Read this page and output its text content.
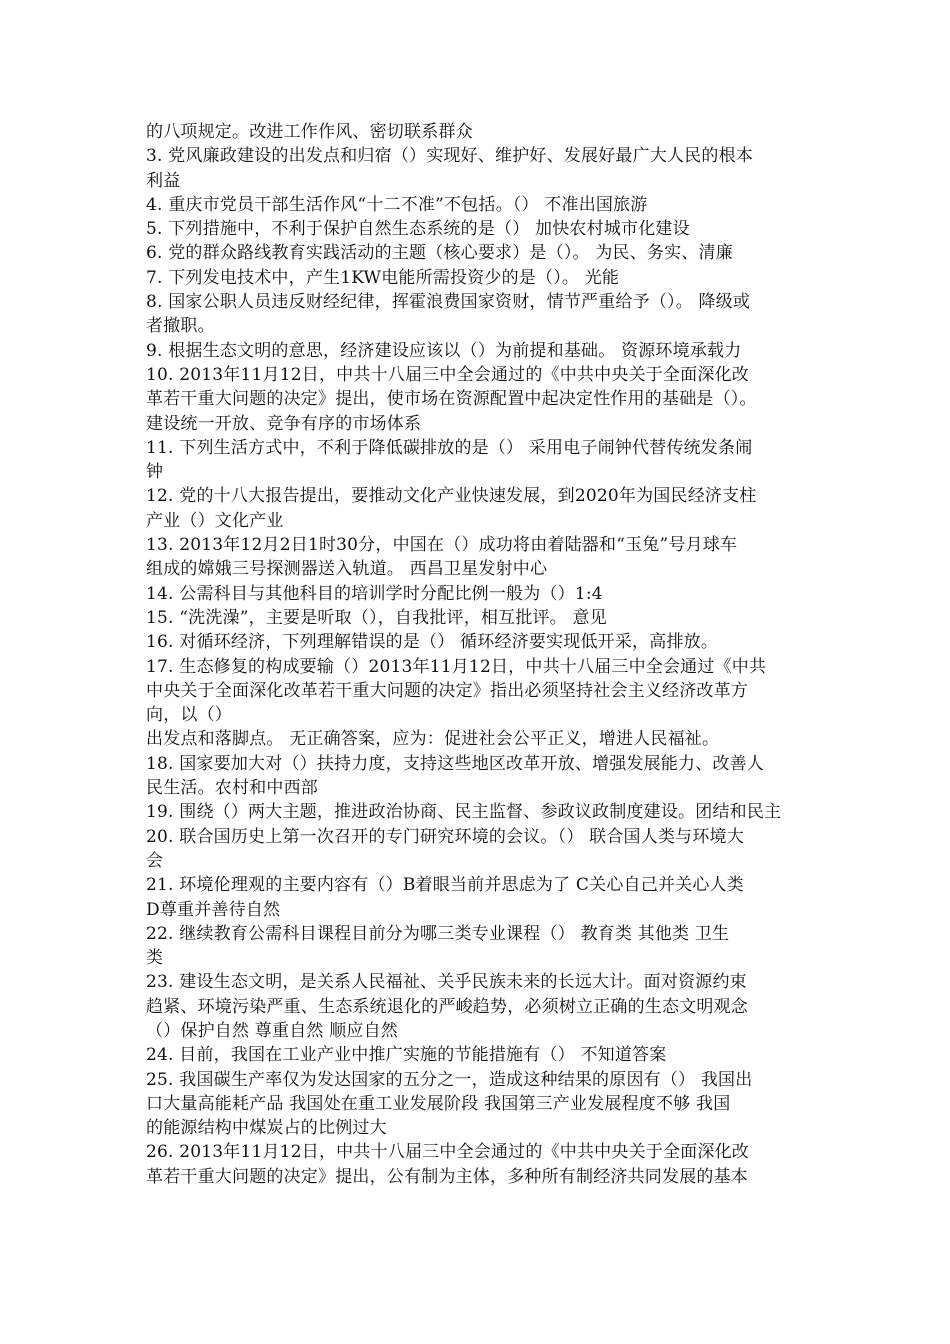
的八项规定。改进工作作风、密切联系群众
3. 党风廉政建设的出发点和归宿（）实现好、维护好、发展好最广大人民的根本
利益
4. 重庆市党员干部生活作风“十二不准”不包括。（） 不准出国旅游
5. 下列措施中，不利于保护自然生态系统的是（） 加快农村城市化建设
6. 党的群众路线教育实践活动的主题（核心要求）是（）。 为民、务实、清廉
7. 下列发电技术中，产生1KW电能所需投资少的是（）。 光能
8. 国家公职人员违反财经纪律，挥霍浪费国家资财，情节严重给予（）。 降级或
者撤职。
9. 根据生态文明的意思，经济建设应该以（）为前提和基础。 资源环境承载力
10. 2013年11月12日，中共十八届三中全会通过的《中共中央关于全面深化改
革若干重大问题的决定》提出，使市场在资源配置中起决定性作用的基础是（）。
建设统一开放、竞争有序的市场体系
11. 下列生活方式中，不利于降低碳排放的是（） 采用电子闹钟代替传统发条闹
钟
12. 党的十八大报告提出，要推动文化产业快速发展，到2020年为国民经济支柱
产业（）文化产业
13. 2013年12月2日1时30分，中国在（）成功将由着陆器和“玉兔”号月球车
组成的嫦娥三号探测器送入轨道。 西昌卫星发射中心
14. 公需科目与其他科目的培训学时分配比例一般为（）1:4
15. “洗洗澡”，主要是听取（），自我批评，相互批评。 意见
16. 对循环经济，下列理解错误的是（） 循环经济要实现低开采，高排放。
17. 生态修复的构成要输（）2013年11月12日，中共十八届三中全会通过《中共
中央关于全面深化改革若干重大问题的决定》指出必须坚持社会主义经济改革方
向，以（）
出发点和落脚点。 无正确答案，应为：促进社会公平正义，增进人民福祉。
18. 国家要加大对（）扶持力度，支持这些地区改革开放、增强发展能力、改善人
民生活。农村和中西部
19. 围绕（）两大主题，推进政治协商、民主监督、参政议政制度建设。团结和民主
20. 联合国历史上第一次召开的专门研究环境的会议。（） 联合国人类与环境大
会
21. 环境伦理观的主要内容有（）B着眼当前并思虑为了 C关心自己并关心人类
D尊重并善待自然
22. 继续教育公需科目课程目前分为哪三类专业课程（） 教育类 其他类 卫生
类
23. 建设生态文明，是关系人民福祉、关乎民族未来的长远大计。面对资源约束
趋紧、环境污染严重、生态系统退化的严峻趋势，必须树立正确的生态文明观念
（）保护自然 尊重自然 顺应自然
24. 目前，我国在工业产业中推广实施的节能措施有（） 不知道答案
25. 我国碳生产率仅为发达国家的五分之一，造成这种结果的原因有（） 我国出
口大量高能耗产品 我国处在重工业发展阶段 我国第三产业发展程度不够 我国
的能源结构中煤炭占的比例过大
26. 2013年11月12日，中共十八届三中全会通过的《中共中央关于全面深化改
革若干重大问题的决定》提出，公有制为主体，多种所有制经济共同发展的基本
